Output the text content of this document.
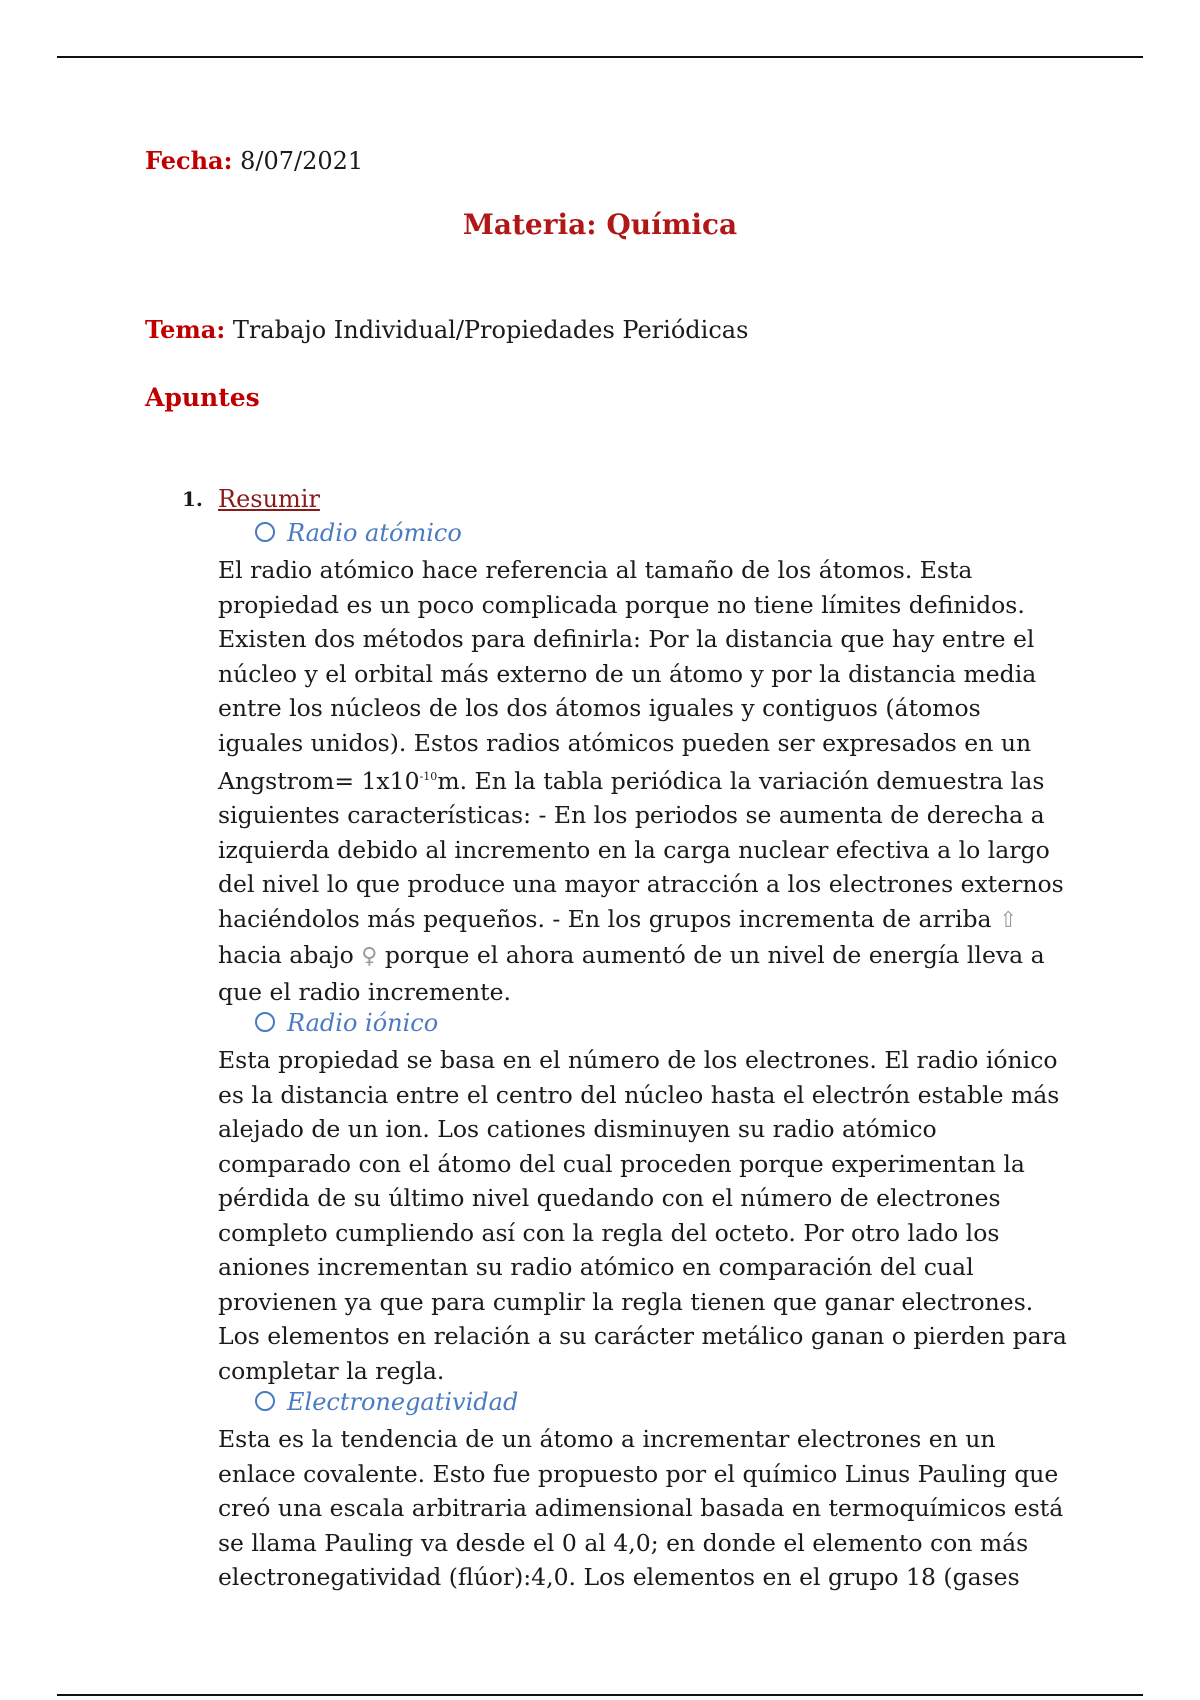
Fecha: 8/07/2021
Materia: Química
Tema: Trabajo Individual/Propiedades Periódicas
Apuntes
1. Resumir
Radio atómico
El radio atómico hace referencia al tamaño de los átomos. Esta propiedad es un poco complicada porque no tiene límites definidos. Existen dos métodos para definirla: Por la distancia que hay entre el núcleo y el orbital más externo de un átomo y por la distancia media entre los núcleos de los dos átomos iguales y contiguos (átomos iguales unidos). Estos radios atómicos pueden ser expresados en un Angstrom= $1x10^{-10}m$. En la tabla periódica la variación demuestra las siguientes características: - En los periodos se aumenta de derecha a izquierda debido al incremento en la carga nuclear efectiva a lo largo del nivel lo que produce una mayor atracción a los electrones externos haciéndolos más pequeños. - En los grupos incrementa de arriba ⇧ hacia abajo ♀ porque el ahora aumentó de un nivel de energía lleva a que el radio incremente.
Radio iónico
Esta propiedad se basa en el número de los electrones. El radio iónico es la distancia entre el centro del núcleo hasta el electrón estable más alejado de un ion. Los cationes disminuyen su radio atómico comparado con el átomo del cual proceden porque experimentan la pérdida de su último nivel quedando con el número de electrones completo cumpliendo así con la regla del octeto. Por otro lado los aniones incrementan su radio atómico en comparación del cual provienen ya que para cumplir la regla tienen que ganar electrones. Los elementos en relación a su carácter metálico ganan o pierden para completar la regla.
Electronegatividad
Esta es la tendencia de un átomo a incrementar electrones en un enlace covalente. Esto fue propuesto por el químico Linus Pauling que creó una escala arbitraria adimensional basada en termoquímicos está se llama Pauling va desde el 0 al 4,0; en donde el elemento con más electronegatividad (flúor):4,0. Los elementos en el grupo 18 (gases
